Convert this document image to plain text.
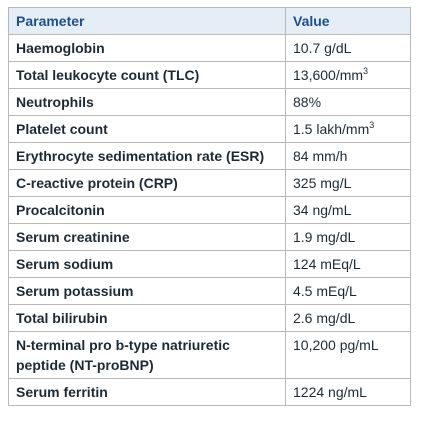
Parameter	Value
Haemoglobin	10.7 g/dL
Total leukocyte count (TLC)	$13,600/mm^3$
Neutrophils	88%
Platelet count	1.5 lakh/$mm^3$
Erythrocyte sedimentation rate (ESR)	84 mm/h
C-reactive protein (CRP)	325 mg/L
Procalcitonin	34 ng/mL
Serum creatinine	1.9 mg/dL
Serum sodium	124 mEq/L
Serum potassium	4.5 mEq/L
Total bilirubin	2.6 mg/dL
N-terminal pro b-type natriuretic peptide (NT-proBNP)	10,200 pg/mL
Serum ferritin	1224 ng/mL
